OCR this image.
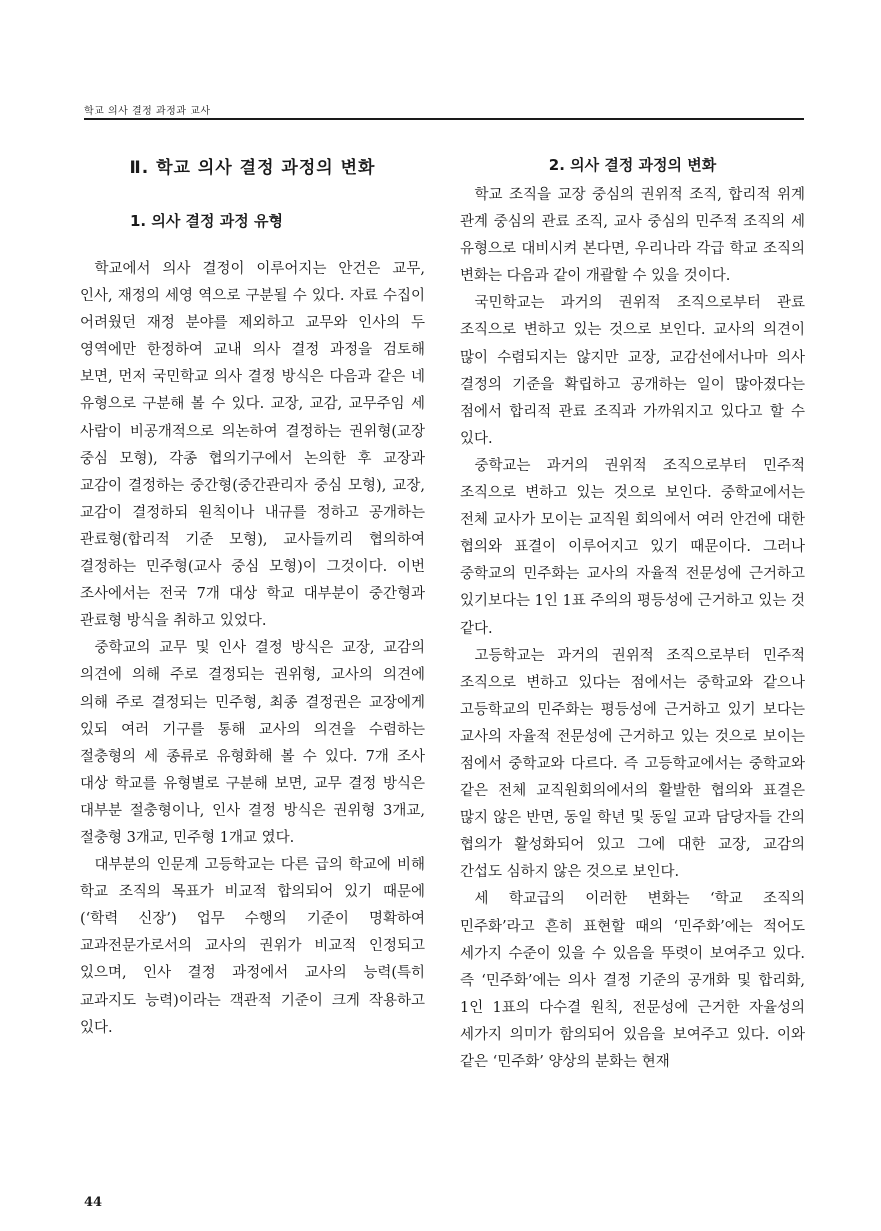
학교 의사 결정 과정과 교사
Ⅱ. 학교 의사 결정 과정의 변화
1. 의사 결정 과정 유형

학교에서 의사 결정이 이루어지는 안건은 교무, 인사, 재정의 세영 역으로 구분될 수 있다. 자료 수집이 어려웠던 재정 분야를 제외하고 교무와 인사의 두 영역에만 한정하여 교내 의사 결정 과정을 검토해 보면, 먼저 국민학교 의사 결정 방식은 다음과 같은 네 유형으로 구분해 볼 수 있다. 교장, 교감, 교무주임 세 사람이 비공개적으로 의논하여 결정하는 권위형(교장 중심 모형), 각종 협의기구에서 논의한 후 교장과 교감이 결정하는 중간형(중간관리자 중심 모형), 교장, 교감이 결정하되 원칙이나 내규를 정하고 공개하는 관료형(합리적 기준 모형), 교사들끼리 협의하여 결정하는 민주형(교사 중심 모형)이 그것이다. 이번 조사에서는 전국 7개 대상 학교 대부분이 중간형과 관료형 방식을 취하고 있었다.

중학교의 교무 및 인사 결정 방식은 교장, 교감의 의견에 의해 주로 결정되는 권위형, 교사의 의견에 의해 주로 결정되는 민주형, 최종 결정권은 교장에게 있되 여러 기구를 통해 교사의 의견을 수렴하는 절충형의 세 종류로 유형화해 볼 수 있다. 7개 조사 대상 학교를 유형별로 구분해 보면, 교무 결정 방식은 대부분 절충형이나, 인사 결정 방식은 권위형 3개교, 절충형 3개교, 민주형 1개교 였다.

대부분의 인문계 고등학교는 다른 급의 학교에 비해 학교 조직의 목표가 비교적 합의되어 있기 때문에 (‘학력 신장’) 업무 수행의 기준이 명확하여 교과전문가로서의 교사의 권위가 비교적 인정되고 있으며, 인사 결정 과정에서 교사의 능력(특히 교과지도 능력)이라는 객관적 기준이 크게 작용하고 있다.

2. 의사 결정 과정의 변화

학교 조직을 교장 중심의 권위적 조직, 합리적 위계 관계 중심의 관료 조직, 교사 중심의 민주적 조직의 세 유형으로 대비시켜 본다면, 우리나라 각급 학교 조직의 변화는 다음과 같이 개괄할 수 있을 것이다.

국민학교는 과거의 권위적 조직으로부터 관료 조직으로 변하고 있는 것으로 보인다. 교사의 의견이 많이 수렴되지는 않지만 교장, 교감선에서나마 의사 결정의 기준을 확립하고 공개하는 일이 많아졌다는 점에서 합리적 관료 조직과 가까워지고 있다고 할 수 있다.

중학교는 과거의 권위적 조직으로부터 민주적 조직으로 변하고 있는 것으로 보인다. 중학교에서는 전체 교사가 모이는 교직원 회의에서 여러 안건에 대한 협의와 표결이 이루어지고 있기 때문이다. 그러나 중학교의 민주화는 교사의 자율적 전문성에 근거하고 있기보다는 1인 1표 주의의 평등성에 근거하고 있는 것 같다.

고등학교는 과거의 권위적 조직으로부터 민주적 조직으로 변하고 있다는 점에서는 중학교와 같으나 고등학교의 민주화는 평등성에 근거하고 있기 보다는 교사의 자율적 전문성에 근거하고 있는 것으로 보이는 점에서 중학교와 다르다. 즉 고등학교에서는 중학교와 같은 전체 교직원회의에서의 활발한 협의와 표결은 많지 않은 반면, 동일 학년 및 동일 교과 담당자들 간의 협의가 활성화되어 있고 그에 대한 교장, 교감의 간섭도 심하지 않은 것으로 보인다.

세 학교급의 이러한 변화는 ‘학교 조직의 민주화’라고 흔히 표현할 때의 ‘민주화’에는 적어도 세가지 수준이 있을 수 있음을 뚜렷이 보여주고 있다. 즉 ‘민주화’에는 의사 결정 기준의 공개화 및 합리화, 1인 1표의 다수결 원칙, 전문성에 근거한 자율성의 세가지 의미가 함의되어 있음을 보여주고 있다. 이와 같은 ‘민주화’ 양상의 분화는 현재

44
